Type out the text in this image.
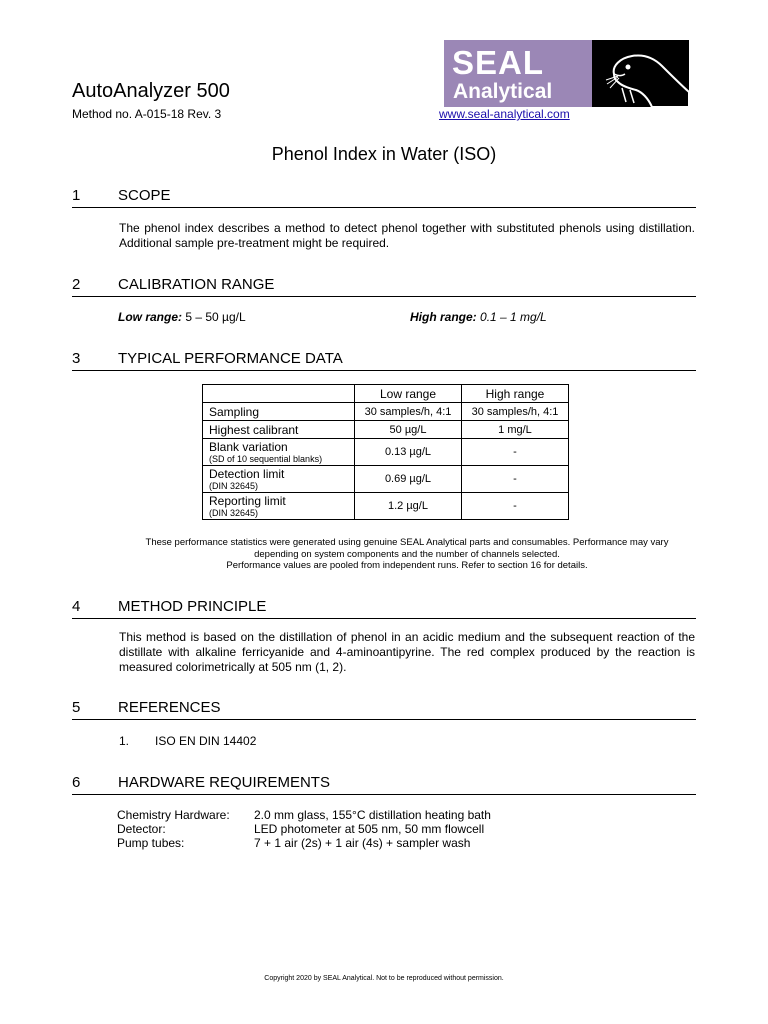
AutoAnalyzer 500
Method no. A-015-18 Rev. 3
SEAL
Analytical
www.seal-analytical.com
Phenol Index in Water (ISO)
1	SCOPE
The phenol index describes a method to detect phenol together with substituted phenols using distillation. Additional sample pre-treatment might be required.
2	CALIBRATION RANGE
Low range: 5 – 50 µg/L	High range: 0.1 – 1 mg/L
3	TYPICAL PERFORMANCE DATA
	Low range	High range
Sampling	30 samples/h, 4:1	30 samples/h, 4:1
Highest calibrant	50 µg/L	1 mg/L
Blank variation
(SD of 10 sequential blanks)	0.13 µg/L	-
Detection limit
(DIN 32645)	0.69 µg/L	-
Reporting limit
(DIN 32645)	1.2 µg/L	-
These performance statistics were generated using genuine SEAL Analytical parts and consumables. Performance may vary
depending on system components and the number of channels selected.
Performance values are pooled from independent runs. Refer to section 16 for details.
4	METHOD PRINCIPLE
This method is based on the distillation of phenol in an acidic medium and the subsequent reaction of the distillate with alkaline ferricyanide and 4-aminoantipyrine. The red complex produced by the reaction is measured colorimetrically at 505 nm (1, 2).
5	REFERENCES
1. ISO EN DIN 14402
6	HARDWARE REQUIREMENTS
Chemistry Hardware:	2.0 mm glass, 155°C distillation heating bath
Detector:	LED photometer at 505 nm, 50 mm flowcell
Pump tubes:	7 + 1 air (2s) + 1 air (4s) + sampler wash
Copyright 2020 by SEAL Analytical. Not to be reproduced without permission.
